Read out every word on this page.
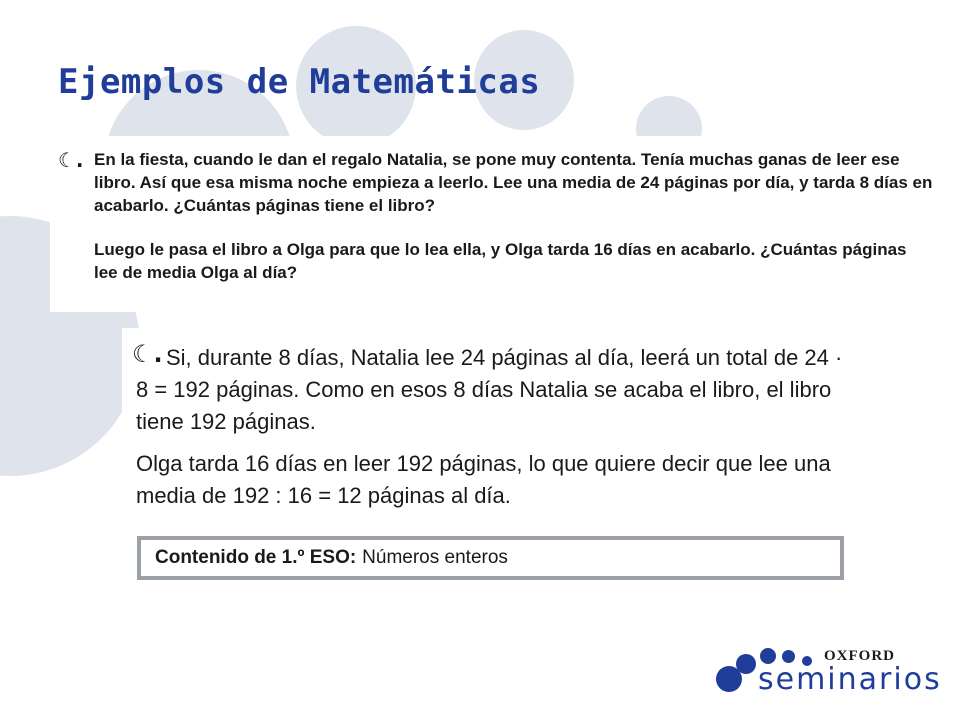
Ejemplos de Matemáticas
☾. En la fiesta, cuando le dan el regalo Natalia, se pone muy contenta. Tenía muchas ganas de leer ese libro. Así que esa misma noche empieza a leerlo. Lee una media de 24 páginas por día, y tarda 8 días en acabarlo. ¿Cuántas páginas tiene el libro?

Luego le pasa el libro a Olga para que lo lea ella, y Olga tarda 16 días en acabarlo. ¿Cuántas páginas lee de media Olga al día?

☾. Si, durante 8 días, Natalia lee 24 páginas al día, leerá un total de 24 · 8 = 192 páginas. Como en esos 8 días Natalia se acaba el libro, el libro tiene 192 páginas.

Olga tarda 16 días en leer 192 páginas, lo que quiere decir que lee una media de 192 : 16 = 12 páginas al día.

Contenido de 1.º ESO: Números enteros

OXFORD

seminarios
